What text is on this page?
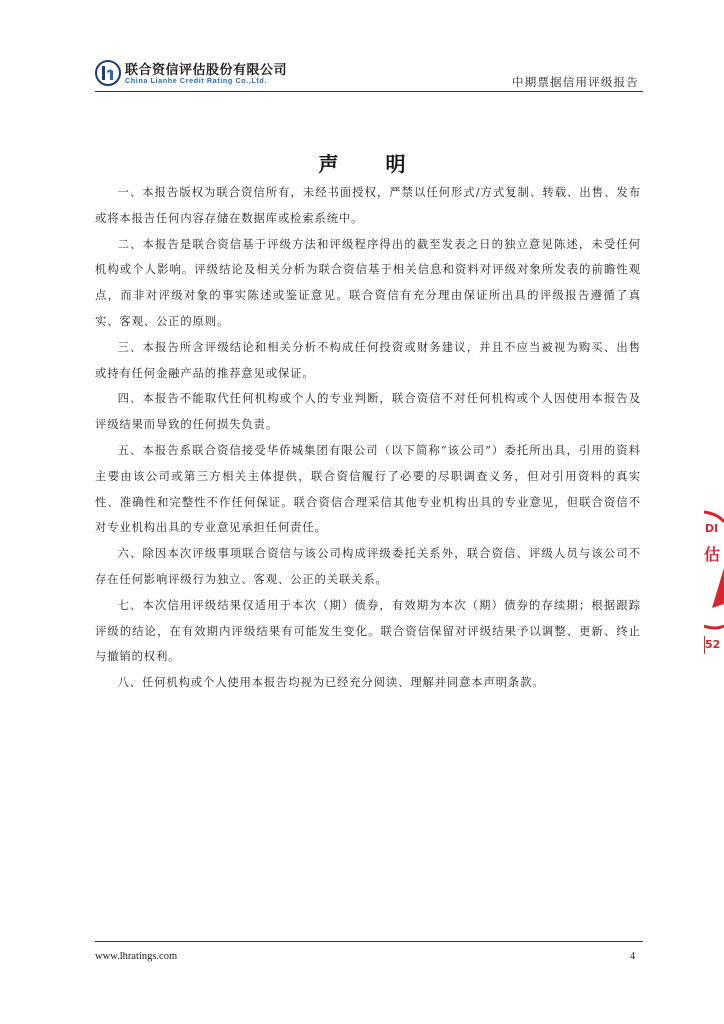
联合资信评估股份有限公司
China Lianhe Credit Rating Co.,Ltd.	中期票据信用评级报告
声 明

一、本报告版权为联合资信所有，未经书面授权，严禁以任何形式/方式复制、转载、出售、发布或将本报告任何内容存储在数据库或检索系统中。

二、本报告是联合资信基于评级方法和评级程序得出的截至发表之日的独立意见陈述，未受任何机构或个人影响。评级结论及相关分析为联合资信基于相关信息和资料对评级对象所发表的前瞻性观点，而非对评级对象的事实陈述或鉴证意见。联合资信有充分理由保证所出具的评级报告遵循了真实、客观、公正的原则。

三、本报告所含评级结论和相关分析不构成任何投资或财务建议，并且不应当被视为购买、出售或持有任何金融产品的推荐意见或保证。

四、本报告不能取代任何机构或个人的专业判断，联合资信不对任何机构或个人因使用本报告及评级结果而导致的任何损失负责。

五、本报告系联合资信接受华侨城集团有限公司（以下简称“该公司”）委托所出具，引用的资料主要由该公司或第三方相关主体提供，联合资信履行了必要的尽职调查义务，但对引用资料的真实性、准确性和完整性不作任何保证。联合资信合理采信其他专业机构出具的专业意见，但联合资信不对专业机构出具的专业意见承担任何责任。

六、除因本次评级事项联合资信与该公司构成评级委托关系外，联合资信、评级人员与该公司不存在任何影响评级行为独立、客观、公正的关联关系。

七、本次信用评级结果仅适用于本次（期）债券，有效期为本次（期）债券的存续期；根据跟踪评级的结论，在有效期内评级结果有可能发生变化。联合资信保留对评级结果予以调整、更新、终止与撤销的权利。

八、任何机构或个人使用本报告均视为已经充分阅读、理解并同意本声明条款。

www.lhratings.com	4
DI
估
52
